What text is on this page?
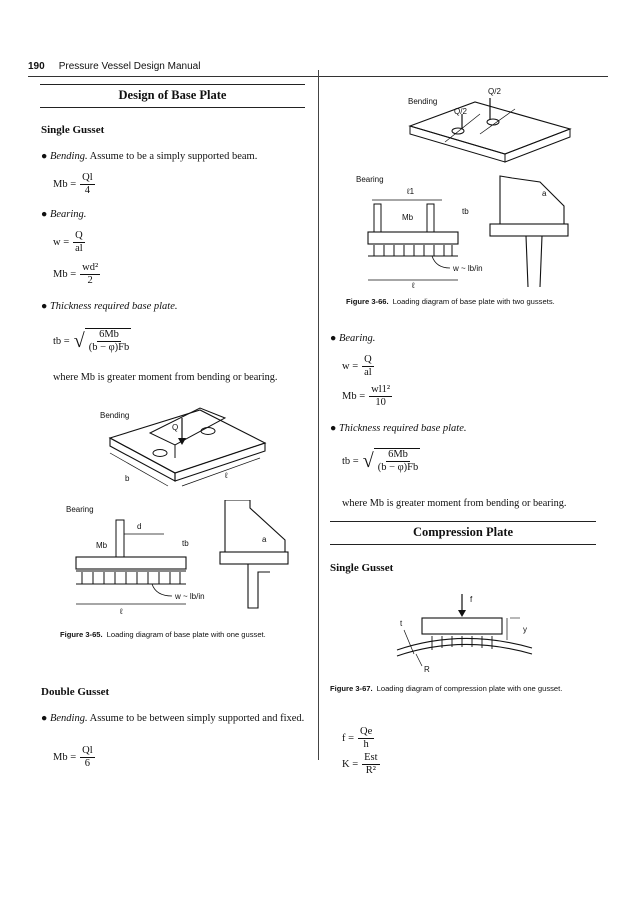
190 Pressure Vessel Design Manual
Design of Base Plate
Single Gusset
● Bending. Assume to be a simply supported beam.
$Mb = \frac{Ql}{4}$
● Bearing.
$w = \frac{Q}{al}$
$Mb = \frac{\text{wd²}}{2}$
● Thickness required base plate.
tb = √ $\frac{6Mb}{(b - \varphi)Fb}$
where Mb is greater moment from bending or bearing.
Bending
Q
b	ℓ
Bearing
d
Mb	tb
ℓ
w ~ lb/in
a
Figure 3-65. Loading diagram of base plate with one gusset.
Double Gusset
● Bending. Assume to be between simply supported and fixed.
$Mb = \frac{Ql}{6}$
Bending
Q/2
Q/2
Bearing
ℓ1
Mb
tb
ℓ
w ~ lb/in
a
Figure 3-66. Loading diagram of base plate with two gussets.
● Bearing.
$w = \frac{Q}{al}$
$Mb = \frac{\text{wl1²}}{10}$
● Thickness required base plate.
tb = √ $\frac{6Mb}{(b - \varphi)Fb}$
where Mb is greater moment from bending or bearing.
Compression Plate
Single Gusset
f
y
t
R
Figure 3-67. Loading diagram of compression plate with one gusset.
$f = \frac{Qe}{h}$
$K = \frac{\text{Est}}{\text{R²}}$
